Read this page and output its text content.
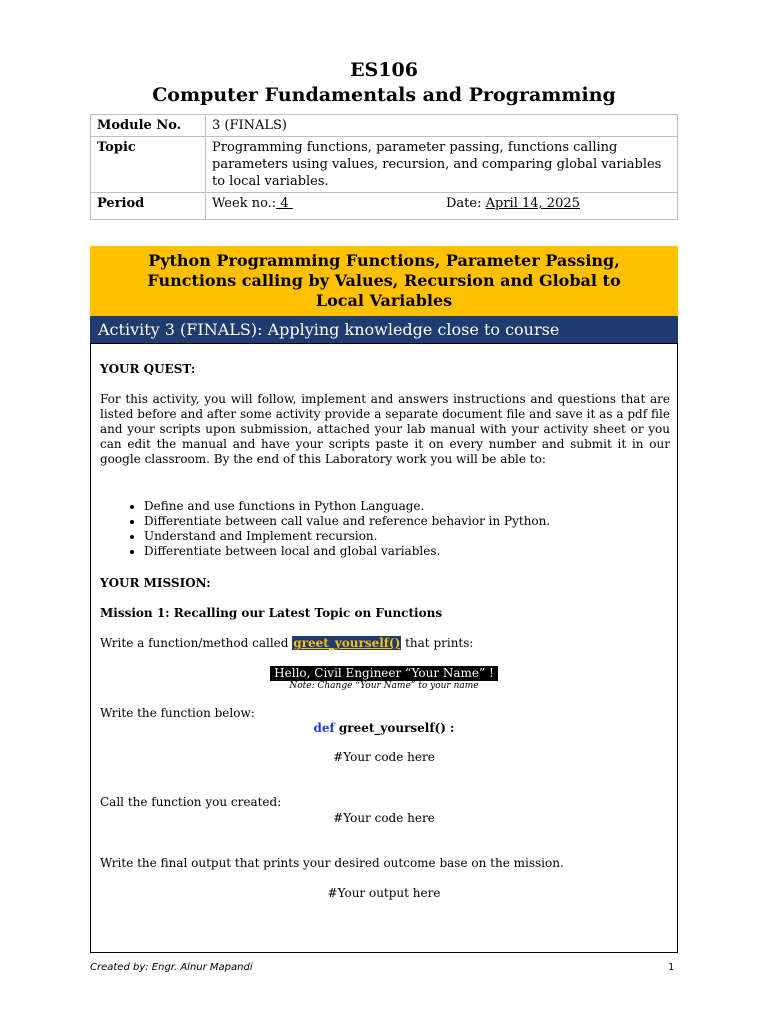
ES106
Computer Fundamentals and Programming
Module No.	3 (FINALS)
Topic	Programming functions, parameter passing, functions calling parameters using values, recursion, and comparing global variables to local variables.
Period	Week no.: 4 Date: April 14, 2025
Python Programming Functions, Parameter Passing,
Functions calling by Values, Recursion and Global to
Local Variables
Activity 3 (FINALS): Applying knowledge close to course
YOUR QUEST:
For this activity, you will follow, implement and answers instructions and questions that are listed before and after some activity provide a separate document file and save it as a pdf file and your scripts upon submission, attached your lab manual with your activity sheet or you can edit the manual and have your scripts paste it on every number and submit it in our google classroom. By the end of this Laboratory work you will be able to:
• Define and use functions in Python Language.
• Differentiate between call value and reference behavior in Python.
• Understand and Implement recursion.
• Differentiate between local and global variables.
YOUR MISSION:
Mission 1: Recalling our Latest Topic on Functions
Write a function/method called greet_yourself() that prints:
Hello, Civil Engineer “Your Name” !
Note: Change “Your Name” to your name
Write the function below:
def greet_yourself() :
#Your code here
Call the function you created:
#Your code here
Write the final output that prints your desired outcome base on the mission.
#Your output here
Created by: Engr. Alnur Mapandi	1
